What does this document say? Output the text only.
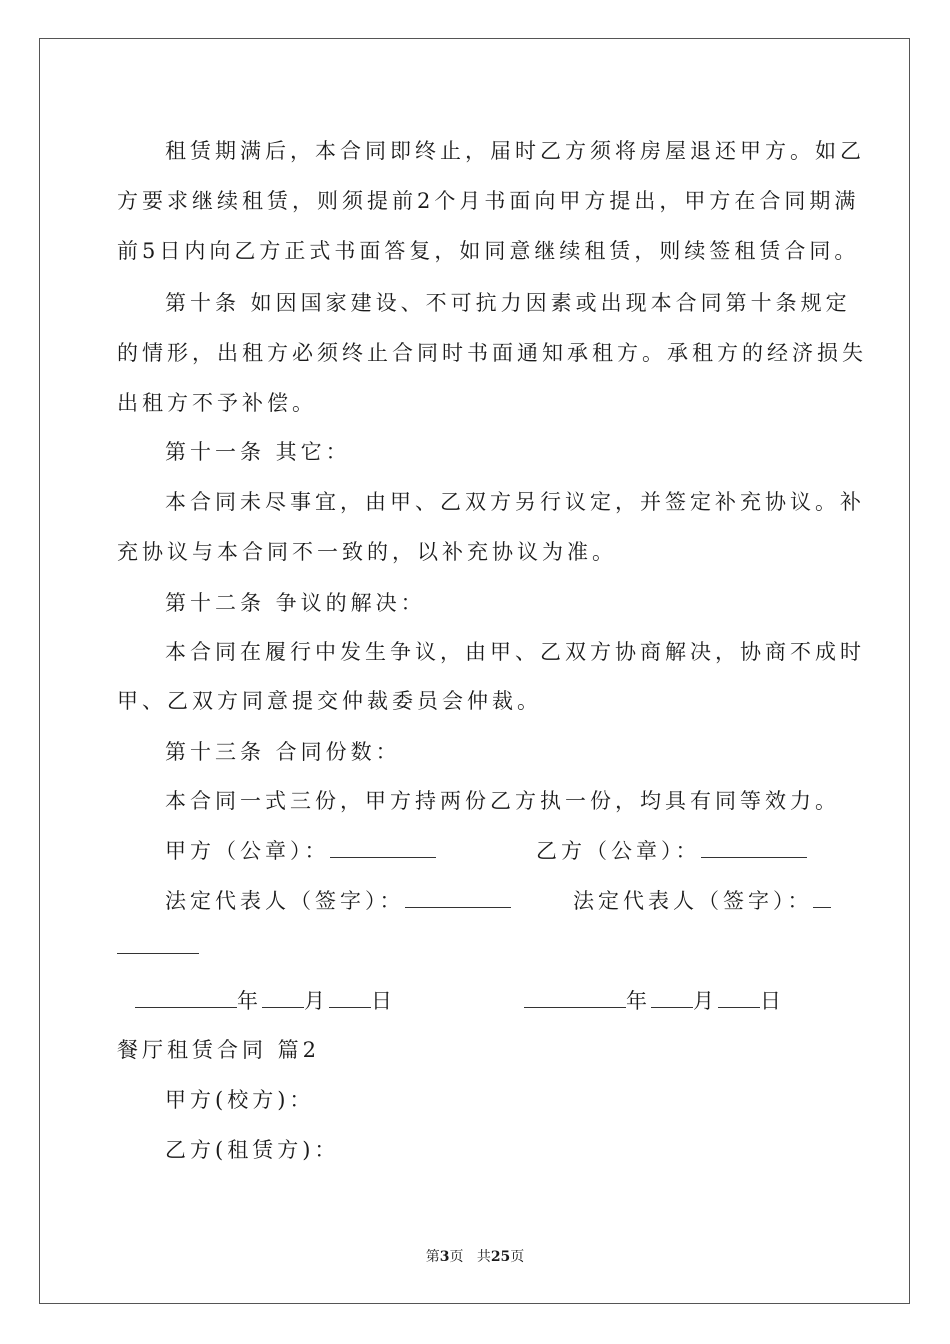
租赁期满后，本合同即终止，届时乙方须将房屋退还甲方。如乙
方要求继续租赁，则须提前2个月书面向甲方提出，甲方在合同期满
前5日内向乙方正式书面答复，如同意继续租赁，则续签租赁合同。
第十条 如因国家建设、不可抗力因素或出现本合同第十条规定
的情形，出租方必须终止合同时书面通知承租方。承租方的经济损失
出租方不予补偿。
第十一条 其它：
本合同未尽事宜，由甲、乙双方另行议定，并签定补充协议。补
充协议与本合同不一致的，以补充协议为准。
第十二条 争议的解决：
本合同在履行中发生争议，由甲、乙双方协商解决，协商不成时
甲、乙双方同意提交仲裁委员会仲裁。
第十三条 合同份数：
本合同一式三份，甲方持两份乙方执一份，均具有同等效力。
甲方（公章）：	乙方（公章）：
法定代表人（签字）：	法定代表人（签字）：
年 月 日	年 月 日
餐厅租赁合同 篇2
甲方(校方)：
乙方(租赁方)：
第3页 共25页
